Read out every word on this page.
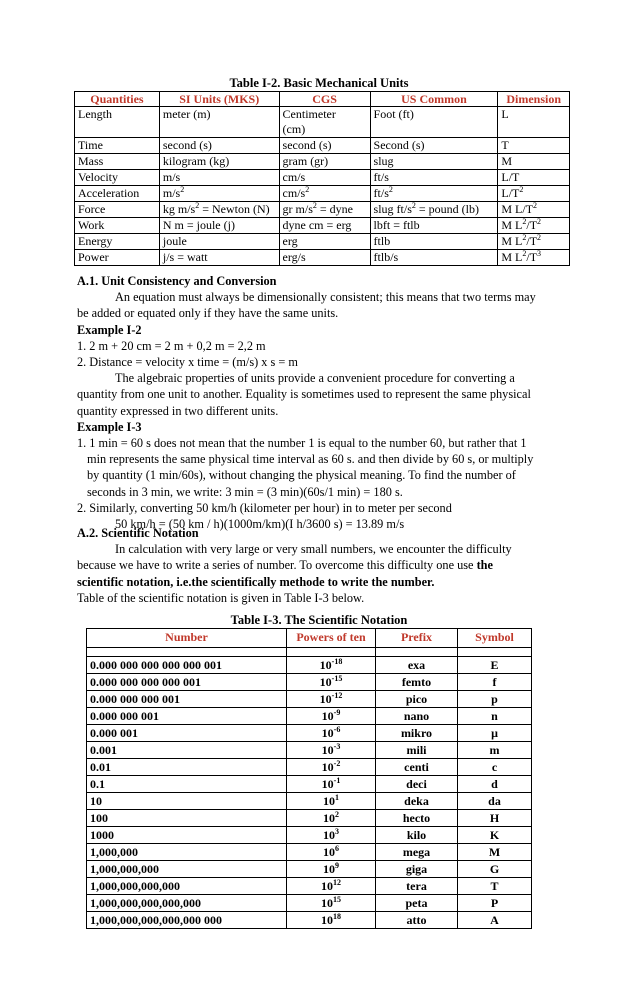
Table I-2. Basic Mechanical Units
Quantities	SI Units (MKS)	CGS	US Common	Dimension
Length	meter (m)	Centimeter	Foot (ft)	L
		(cm)		
Time	second (s)	second (s)	Second (s)	T
Mass	kilogram (kg)	gram (gr)	slug	M
Velocity	m/s	cm/s	ft/s	L/T
Acceleration	$m/s^2$	$cm/s^2$	$ft/s^2$	$L/T^2$
Force	kg $m/s^2$ = Newton (N)	gr $m/s^2$ = dyne	slug $ft/s^2$ = pound (lb)	M $L/T^2$
Work	N m = joule (j)	dyne cm = erg	lbft = ftlb	M $L^2/T^2$
Energy	joule	erg	ftlb	M $L^2/T^2$
Power	j/s = watt	erg/s	ftlb/s	M $L^2/T^3$

A.1. Unit Consistency and Conversion

An equation must always be dimensionally consistent; this means that two terms may

be added or equated only if they have the same units.

Example I-2

1. 2 m + 20 cm = 2 m + 0,2 m = 2,2 m

2. Distance = velocity x time = (m/s) x s = m

The algebraic properties of units provide a convenient procedure for converting a

quantity from one unit to another. Equality is sometimes used to represent the same physical

quantity expressed in two different units.

Example I-3

1. 1 min = 60 s does not mean that the number 1 is equal to the number 60, but rather that 1

min represents the same physical time interval as 60 s. and then divide by 60 s, or multiply

by quantity (1 min/60s), without changing the physical meaning. To find the number of

seconds in 3 min, we write: 3 min = (3 min)(60s/1 min) = 180 s.

2. Similarly, converting 50 km/h (kilometer per hour) in to meter per second

50 km/h = (50 km / h)(1000m/km)(I h/3600 s) = 13.89 m/s

A.2. Scientific Notation

In calculation with very large or very small numbers, we encounter the difficulty

because we have to write a series of number. To overcome this difficulty one use the

scientific notation, i.e.the scientifically methode to write the number.

Table of the scientific notation is given in Table I-3 below.

Table I-3. The Scientific Notation
Number	Powers of ten	Prefix	Symbol

0.000 000 000 000 000 001	$10^{-18}$	exa	E
0.000 000 000 000 001	$10^{-15}$	femto	f
0.000 000 000 001	$10^{-12}$	pico	p
0.000 000 001	$10^{-9}$	nano	n
0.000 001	$10^{-6}$	mikro	μ
0.001	$10^{-3}$	mili	m
0.01	$10^{-2}$	centi	c
0.1	$10^{-1}$	deci	d
10	$10^1$	deka	da
100	$10^2$	hecto	H
1000	$10^3$	kilo	K
1,000,000	$10^6$	mega	M
1,000,000,000	$10^9$	giga	G
1,000,000,000,000	$10^{12}$	tera	T
1,000,000,000,000,000	$10^{15}$	peta	P
1,000,000,000,000,000 000	$10^{18}$	atto	A
